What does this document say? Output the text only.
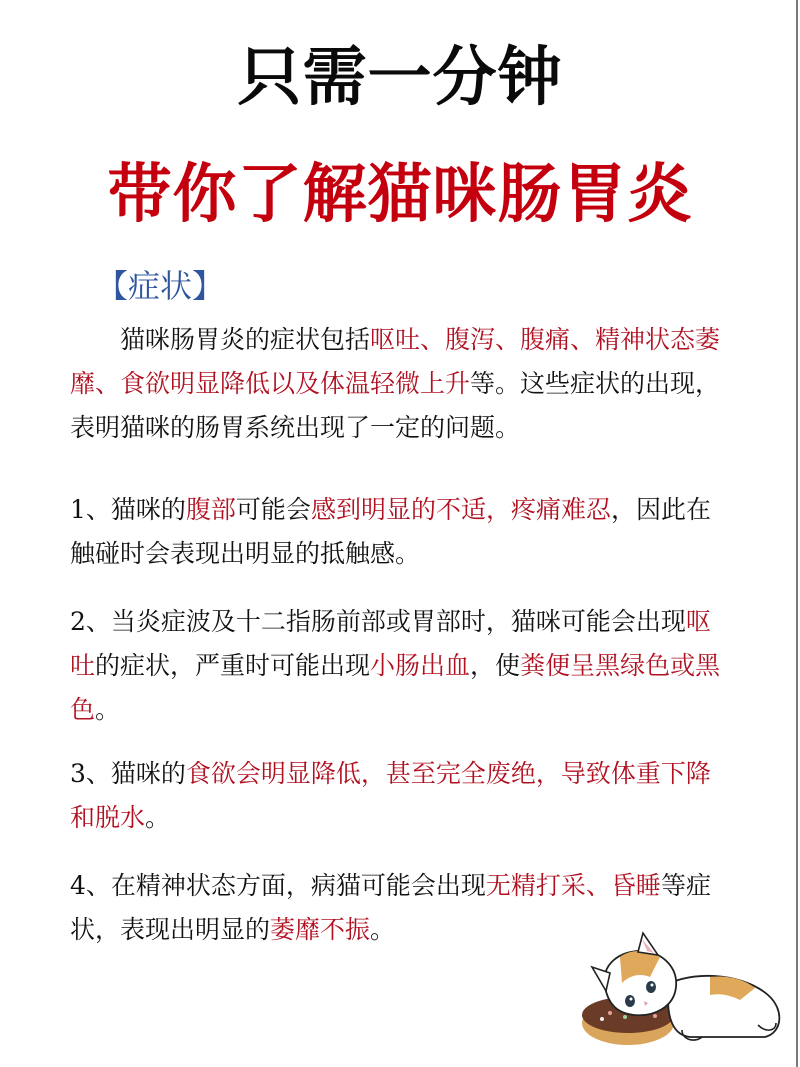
只需一分钟
带你了解猫咪肠胃炎
【症状】

猫咪肠胃炎的症状包括呕吐、腹泻、腹痛、精神状态萎靡、食欲明显降低以及体温轻微上升等。这些症状的出现，表明猫咪的肠胃系统出现了一定的问题。

1、猫咪的腹部可能会感到明显的不适，疼痛难忍，因此在触碰时会表现出明显的抵触感。

2、当炎症波及十二指肠前部或胃部时，猫咪可能会出现呕吐的症状，严重时可能出现小肠出血，使粪便呈黑绿色或黑色。

3、猫咪的食欲会明显降低，甚至完全废绝，导致体重下降和脱水。

4、在精神状态方面，病猫可能会出现无精打采、昏睡等症状，表现出明显的萎靡不振。
